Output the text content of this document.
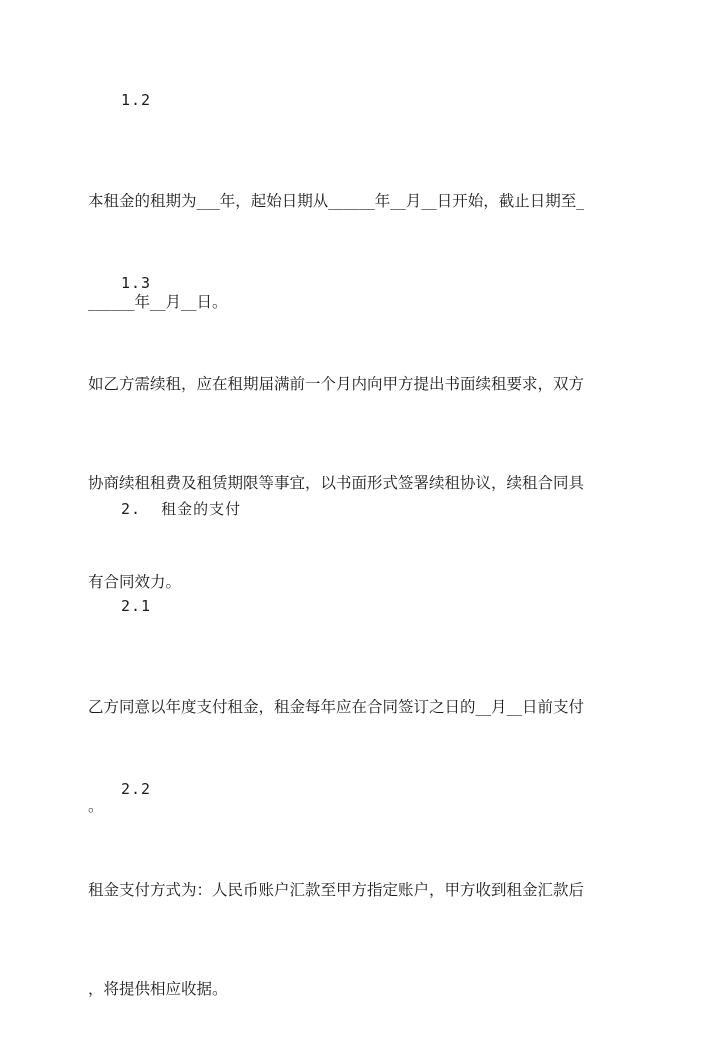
1.2

本租金的租期为___年，起始日期从______年__月__日开始，截止日期至_

______年__月__日。

1.3

如乙方需续租，应在租期届满前一个月内向甲方提出书面续租要求，双方

协商续租租费及租赁期限等事宜，以书面形式签署续租协议，续租合同具

有合同效力。

2.  租金的支付
2.1

乙方同意以年度支付租金，租金每年应在合同签订之日的__月__日前支付

。

2.2

租金支付方式为：人民币账户汇款至甲方指定账户，甲方收到租金汇款后

，将提供相应收据。
